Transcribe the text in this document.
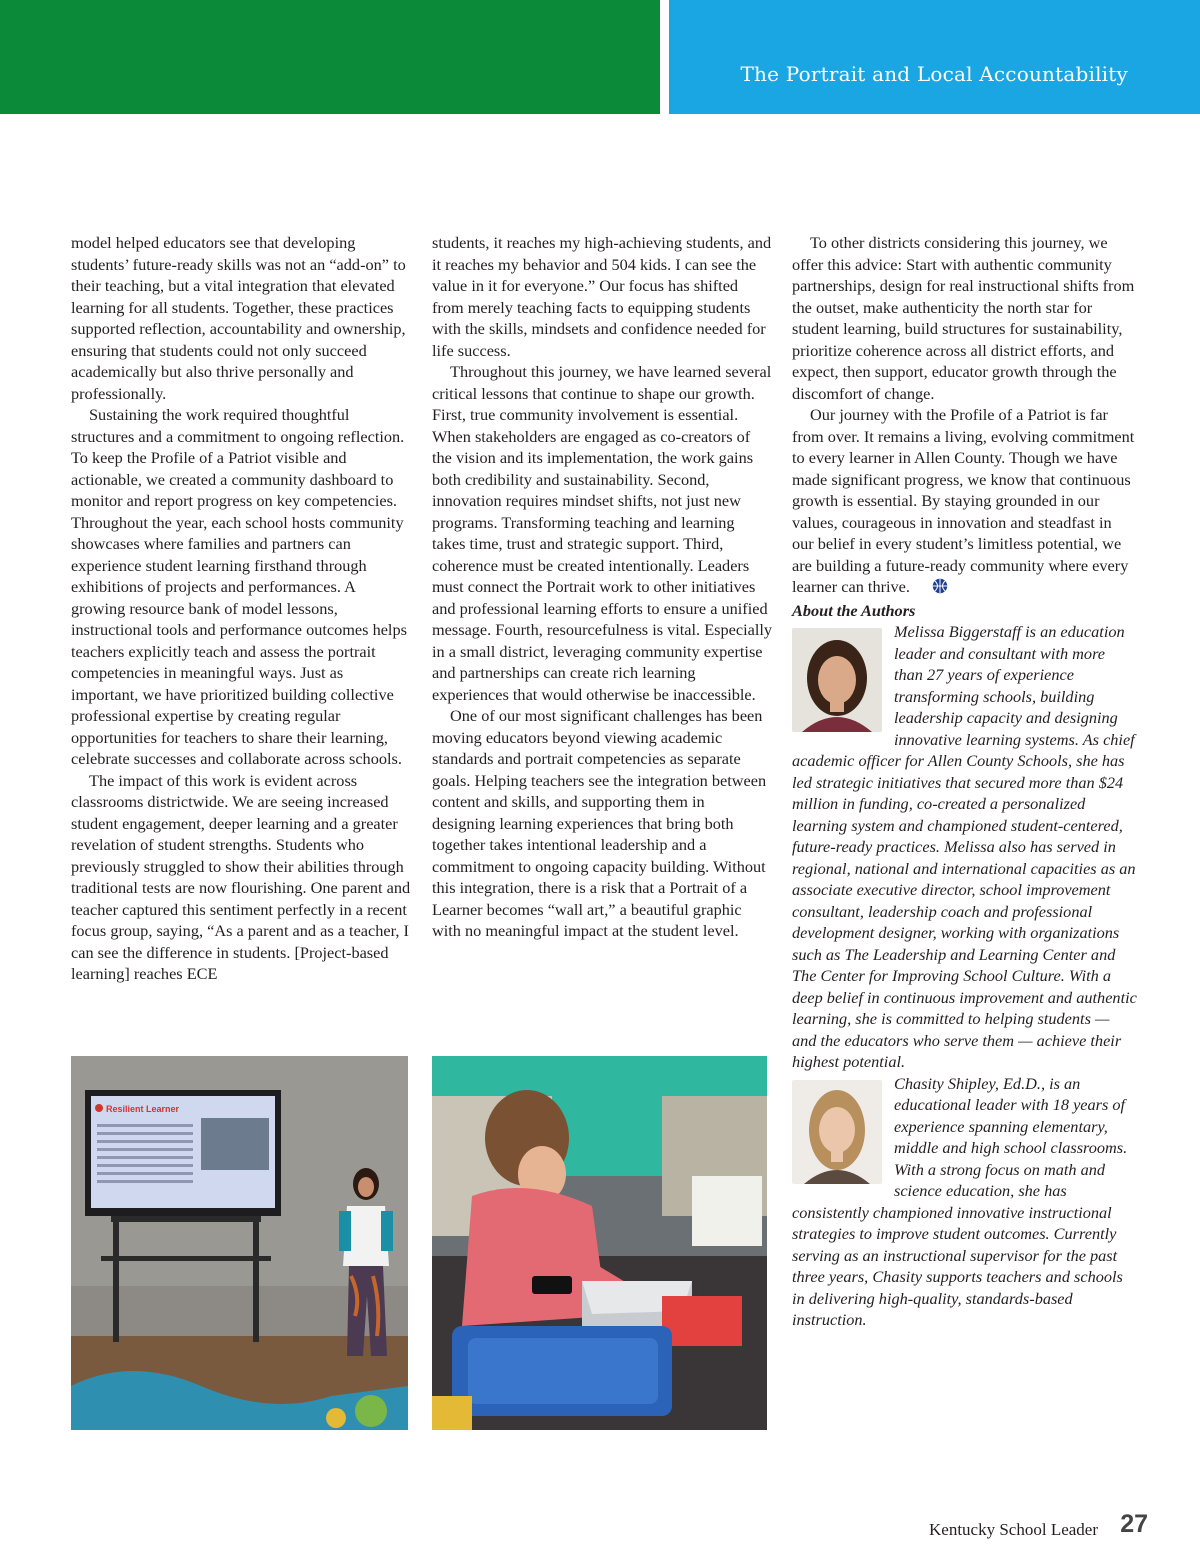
The Portrait and Local Accountability

model helped educators see that developing students’ future-ready skills was not an “add-on” to their teaching, but a vital integration that elevated learning for all students. Together, these practices supported reflection, accountability and ownership, ensuring that students could not only succeed academically but also thrive personally and professionally.

Sustaining the work required thoughtful structures and a commitment to ongoing reflection. To keep the Profile of a Patriot visible and actionable, we created a community dashboard to monitor and report progress on key competencies. Throughout the year, each school hosts community showcases where families and partners can experience student learning firsthand through exhibitions of projects and performances. A growing resource bank of model lessons, instructional tools and performance outcomes helps teachers explicitly teach and assess the portrait competencies in meaningful ways. Just as important, we have prioritized building collective professional expertise by creating regular opportunities for teachers to share their learning, celebrate successes and collaborate across schools.

The impact of this work is evident across classrooms districtwide. We are seeing increased student engagement, deeper learning and a greater revelation of student strengths. Students who previously struggled to show their abilities through traditional tests are now flourishing. One parent and teacher captured this sentiment perfectly in a recent focus group, saying, “As a parent and as a teacher, I can see the difference in students. [Project-based learning] reaches ECE

students, it reaches my high-achieving students, and it reaches my behavior and 504 kids. I can see the value in it for everyone.” Our focus has shifted from merely teaching facts to equipping students with the skills, mindsets and confidence needed for life success.

Throughout this journey, we have learned several critical lessons that continue to shape our growth. First, true community involvement is essential. When stakeholders are engaged as co-creators of the vision and its implementation, the work gains both credibility and sustainability. Second, innovation requires mindset shifts, not just new programs. Transforming teaching and learning takes time, trust and strategic support. Third, coherence must be created intentionally. Leaders must connect the Portrait work to other initiatives and professional learning efforts to ensure a unified message. Fourth, resourcefulness is vital. Especially in a small district, leveraging community expertise and partnerships can create rich learning experiences that would otherwise be inaccessible.

One of our most significant challenges has been moving educators beyond viewing academic standards and portrait competencies as separate goals. Helping teachers see the integration between content and skills, and supporting them in designing learning experiences that bring both together takes intentional leadership and a commitment to ongoing capacity building. Without this integration, there is a risk that a Portrait of a Learner becomes “wall art,” a beautiful graphic with no meaningful impact at the student level.

To other districts considering this journey, we offer this advice: Start with authentic community partnerships, design for real instructional shifts from the outset, make authenticity the north star for student learning, build structures for sustainability, prioritize coherence across all district efforts, and expect, then support, educator growth through the discomfort of change.

Our journey with the Profile of a Patriot is far from over. It remains a living, evolving commitment to every learner in Allen County. Though we have made significant progress, we know that continuous growth is essential. By staying grounded in our values, courageous in innovation and steadfast in our belief in every student’s limitless potential, we are building a future-ready community where every learner can thrive.

About the Authors

Melissa Biggerstaff is an education leader and consultant with more than 27 years of experience transforming schools, building leadership capacity and designing innovative learning systems. As chief academic officer for Allen County Schools, she has led strategic initiatives that secured more than $24 million in funding, co-created a personalized learning system and championed student-centered, future-ready practices. Melissa also has served in regional, national and international capacities as an associate executive director, school improvement consultant, leadership coach and professional development designer, working with organizations such as The Leadership and Learning Center and The Center for Improving School Culture. With a deep belief in continuous improvement and authentic learning, she is committed to helping students — and the educators who serve them — achieve their highest potential.

Chasity Shipley, Ed.D., is an educational leader with 18 years of experience spanning elementary, middle and high school classrooms. With a strong focus on math and science education, she has consistently championed innovative instructional strategies to improve student outcomes. Currently serving as an instructional supervisor for the past three years, Chasity supports teachers and schools in delivering high-quality, standards-based instruction.

Resilient Learner
Kentucky School Leader 27
